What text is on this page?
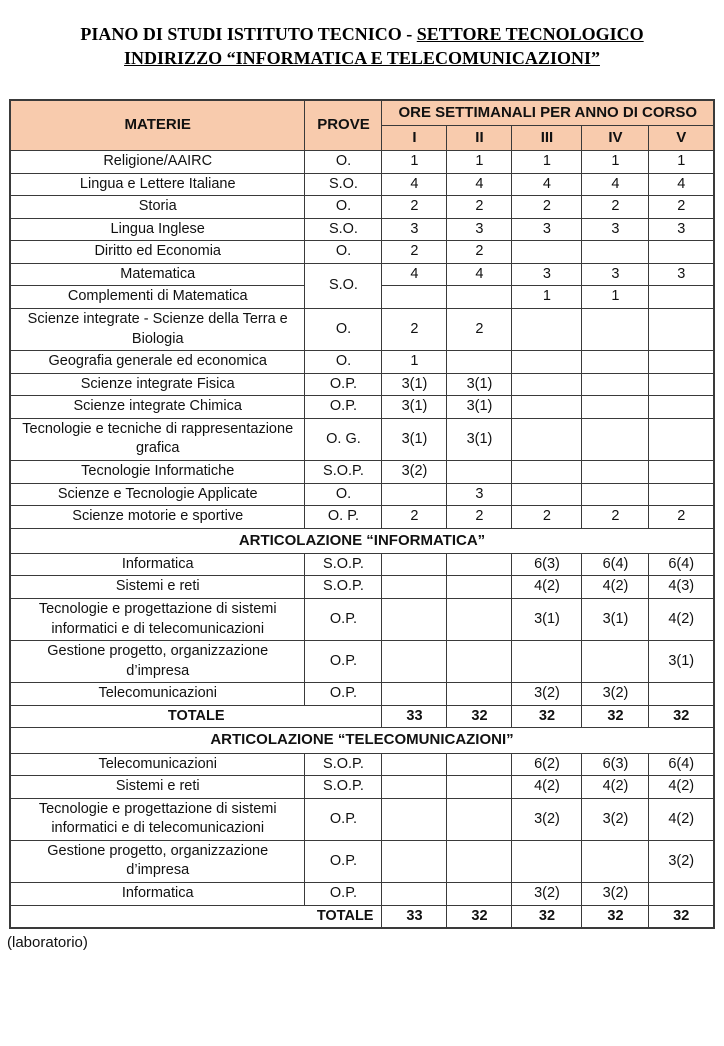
PIANO DI STUDI ISTITUTO TECNICO - SETTORE TECNOLOGICO
INDIRIZZO “INFORMATICA E TELECOMUNICAZIONI”
MATERIE	PROVE	ORE SETTIMANALI PER ANNO DI CORSO				
		I	II	III	IV	V
Religione/AAIRC	O.	1	1	1	1	1
Lingua e Lettere Italiane	S.O.	4	4	4	4	4
Storia	O.	2	2	2	2	2
Lingua Inglese	S.O.	3	3	3	3	3
Diritto ed Economia	O.	2	2			
Matematica	S.O.	4	4	3	3	3
Complementi di Matematica				1	1	
Scienze integrate - Scienze della Terra e Biologia	O.	2	2			
Geografia generale ed economica	O.	1				
Scienze integrate Fisica	O.P.	3(1)	3(1)			
Scienze integrate Chimica	O.P.	3(1)	3(1)			
Tecnologie e tecniche di rappresentazione grafica	O. G.	3(1)	3(1)			
Tecnologie Informatiche	S.O.P.	3(2)				
Scienze e Tecnologie Applicate	O.		3			
Scienze motorie e sportive	O. P.	2	2	2	2	2
ARTICOLAZIONE “INFORMATICA”						
Informatica	S.O.P.			6(3)	6(4)	6(4)
Sistemi e reti	S.O.P.			4(2)	4(2)	4(3)
Tecnologie e progettazione di sistemi informatici e di telecomunicazioni	O.P.			3(1)	3(1)	4(2)
Gestione progetto, organizzazione d’impresa	O.P.					3(1)
Telecomunicazioni	O.P.			3(2)	3(2)	
TOTALE		33	32	32	32	32
ARTICOLAZIONE “TELECOMUNICAZIONI”						
Telecomunicazioni	S.O.P.			6(2)	6(3)	6(4)
Sistemi e reti	S.O.P.			4(2)	4(2)	4(2)
Tecnologie e progettazione di sistemi informatici e di telecomunicazioni	O.P.			3(2)	3(2)	4(2)
Gestione progetto, organizzazione d’impresa	O.P.					3(2)
Informatica	O.P.			3(2)	3(2)	
TOTALE		33	32	32	32	32
(laboratorio)
